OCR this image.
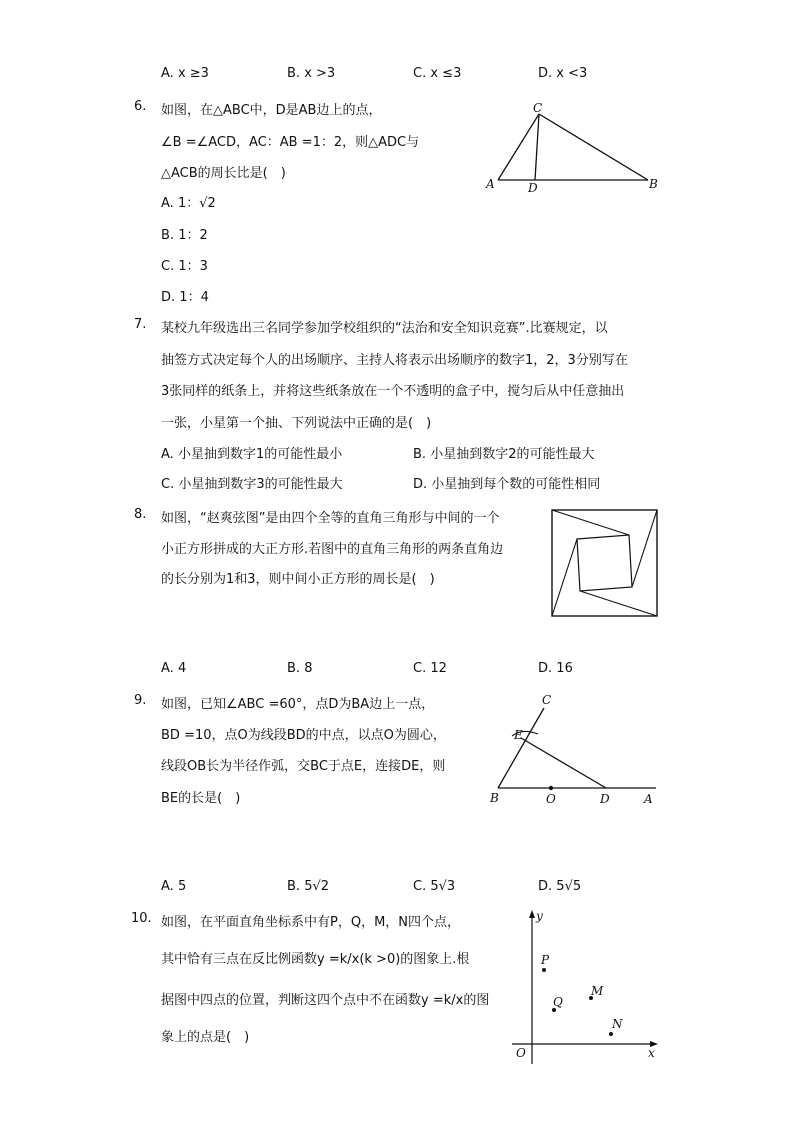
A. x ≥3	B. x >3	C. x ≤3	D. x <3
6. 如图，在△ABC中，D是AB边上的点，
∠B =∠ACD，AC：AB =1：2，则△ADC与
△ACB的周长比是(　)
A. 1：√2
B. 1：2
C. 1：3
D. 1：4
C
A	D	B
7. 某校九年级选出三名同学参加学校组织的“法治和安全知识竞赛”.比赛规定，以
抽签方式决定每个人的出场顺序、主持人将表示出场顺序的数字1，2，3分别写在
3张同样的纸条上，并将这些纸条放在一个不透明的盒子中，搅匀后从中任意抽出
一张，小星第一个抽、下列说法中正确的是(　)
A. 小星抽到数字1的可能性最小	B. 小星抽到数字2的可能性最大
C. 小星抽到数字3的可能性最大	D. 小星抽到每个数的可能性相同
8. 如图，“赵爽弦图”是由四个全等的直角三角形与中间的一个
小正方形拼成的大正方形.若图中的直角三角形的两条直角边
的长分别为1和3，则中间小正方形的周长是(　)
A. 4	B. 8	C. 12	D. 16
9. 如图，已知∠ABC =60°，点D为BA边上一点，
BD =10，点O为线段BD的中点，以点O为圆心，
线段OB长为半径作弧，交BC于点E，连接DE，则
BE的长是(　)
A. 5	B. 5√2	C. 5√3	D. 5√5
C
E
B	O	D	A
10. 如图，在平面直角坐标系中有P，Q，M，N四个点，
其中恰有三点在反比例函数y =k/x(k >0)的图象上.根
据图中四点的位置，判断这四个点中不在函数y =k/x的图
象上的点是(　)
y
x
O
P
Q
M
N
